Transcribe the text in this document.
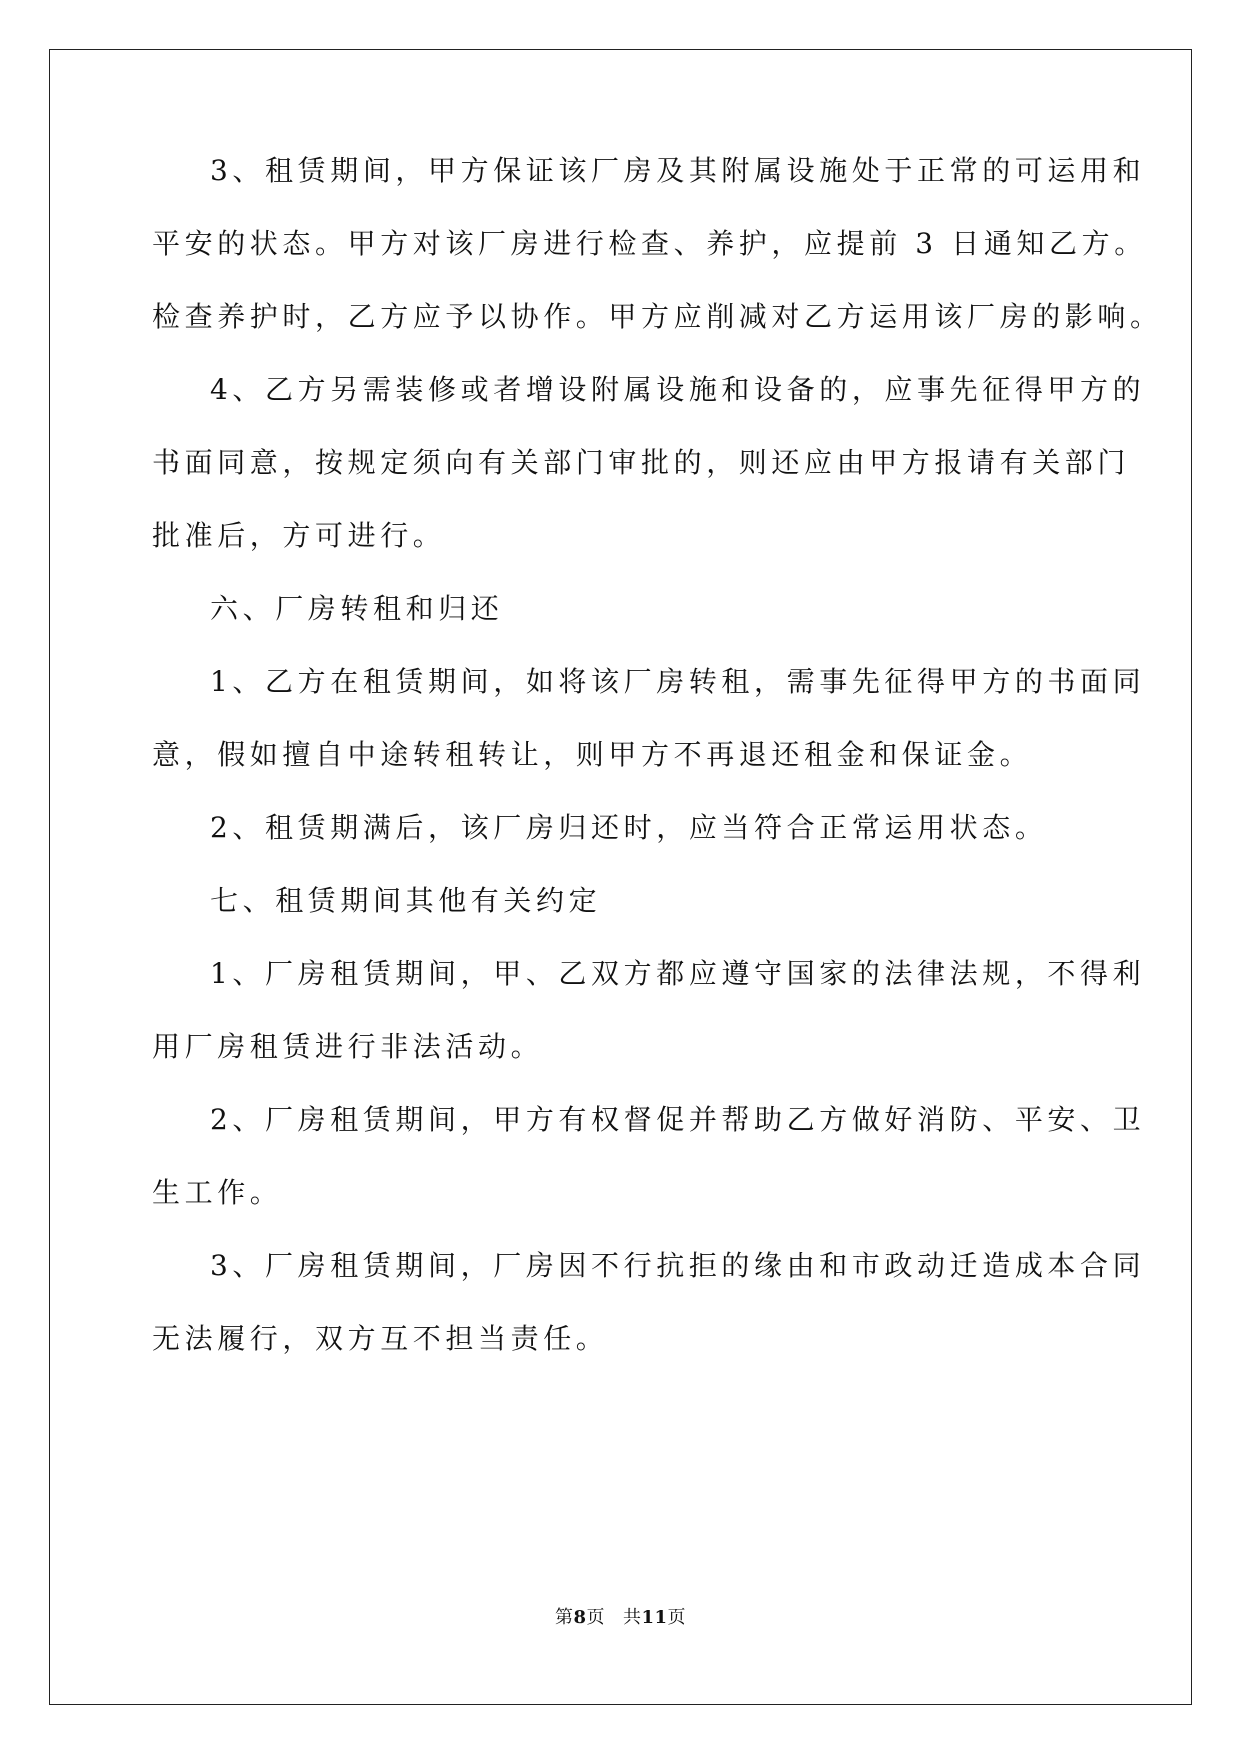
3、租赁期间，甲方保证该厂房及其附属设施处于正常的可运用和
平安的状态。甲方对该厂房进行检查、养护，应提前 3 日通知乙方。
检查养护时，乙方应予以协作。甲方应削减对乙方运用该厂房的影响。
4、乙方另需装修或者增设附属设施和设备的，应事先征得甲方的
书面同意，按规定须向有关部门审批的，则还应由甲方报请有关部门
批准后，方可进行。
六、厂房转租和归还
1、乙方在租赁期间，如将该厂房转租，需事先征得甲方的书面同
意，假如擅自中途转租转让，则甲方不再退还租金和保证金。
2、租赁期满后，该厂房归还时，应当符合正常运用状态。
七、租赁期间其他有关约定
1、厂房租赁期间，甲、乙双方都应遵守国家的法律法规，不得利
用厂房租赁进行非法活动。
2、厂房租赁期间，甲方有权督促并帮助乙方做好消防、平安、卫
生工作。
3、厂房租赁期间，厂房因不行抗拒的缘由和市政动迁造成本合同
无法履行，双方互不担当责任。
第8页 共11页
